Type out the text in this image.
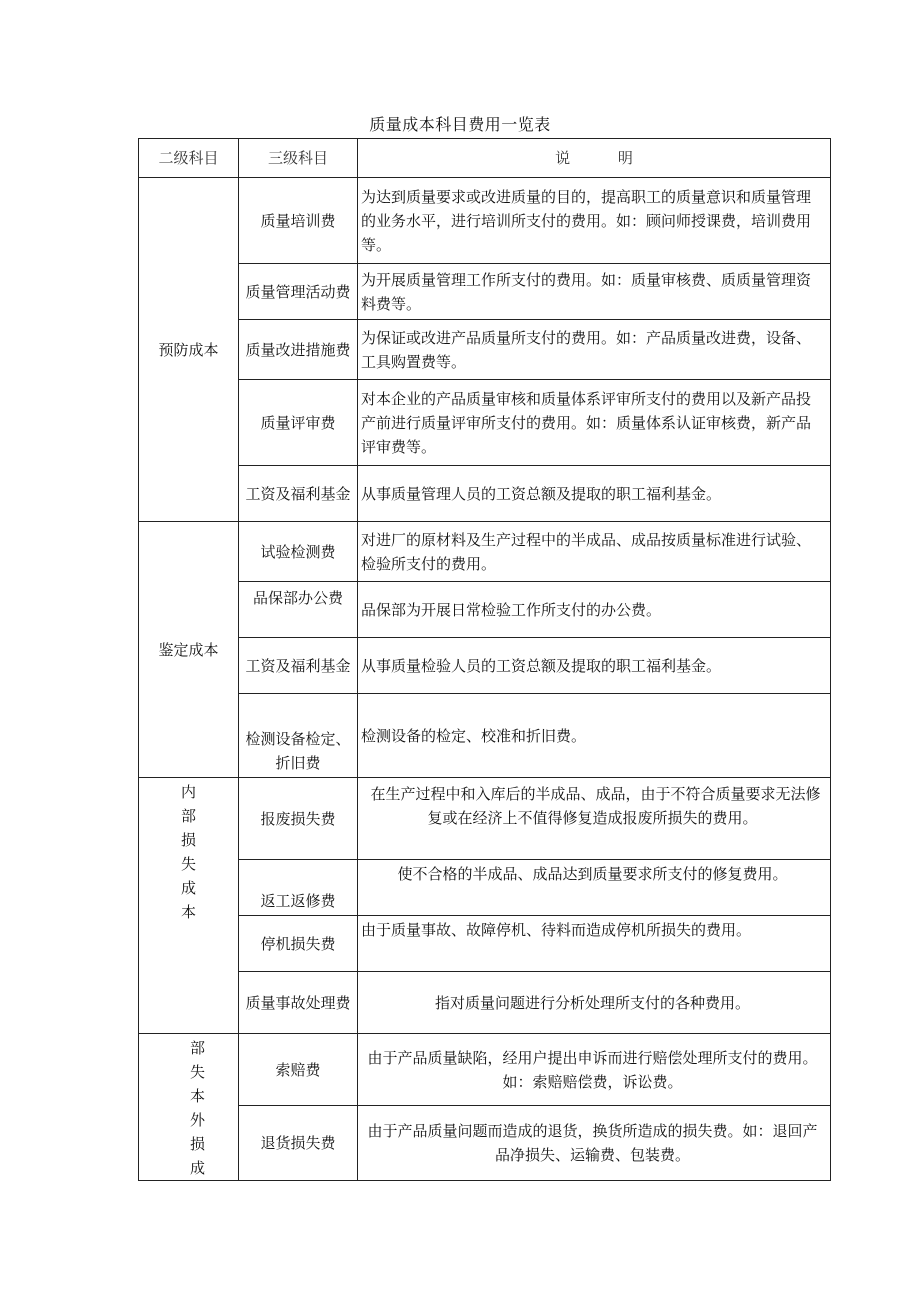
质量成本科目费用一览表
二级科目	三级科目	说          明
预防成本	质量培训费	为达到质量要求或改进质量的目的，提高职工的质量意识和质量管理的业务水平，进行培训所支付的费用。如：顾问师授课费，培训费用等。
	质量管理活动费	为开展质量管理工作所支付的费用。如：质量审核费、质质量管理资料费等。
	质量改进措施费	为保证或改进产品质量所支付的费用。如：产品质量改进费，设备、工具购置费等。
	质量评审费	对本企业的产品质量审核和质量体系评审所支付的费用以及新产品投产前进行质量评审所支付的费用。如：质量体系认证审核费，新产品评审费等。
	工资及福利基金	从事质量管理人员的工资总额及提取的职工福利基金。
鉴定成本	试验检测费	对进厂的原材料及生产过程中的半成品、成品按质量标准进行试验、检验所支付的费用。
	品保部办公费	品保部为开展日常检验工作所支付的办公费。
	工资及福利基金	从事质量检验人员的工资总额及提取的职工福利基金。
	检测设备检定、折旧费	检测设备的检定、校准和折旧费。

内部损失成本	报废损失费	在生产过程中和入库后的半成品、成品，由于不符合质量要求无法修复或在经济上不值得修复造成报废所损失的费用。
	返工返修费	使不合格的半成品、成品达到质量要求所支付的修复费用。
	停机损失费	由于质量事故、故障停机、待料而造成停机所损失的费用。
	质量事故处理费	指对质量问题进行分析处理所支付的各种费用。

部失本外损成	索赔费	由于产品质量缺陷，经用户提出申诉而进行赔偿处理所支付的费用。如：索赔赔偿费，诉讼费。
	退货损失费	由于产品质量问题而造成的退货，换货所造成的损失费。如：退回产品净损失、运输费、包装费。
